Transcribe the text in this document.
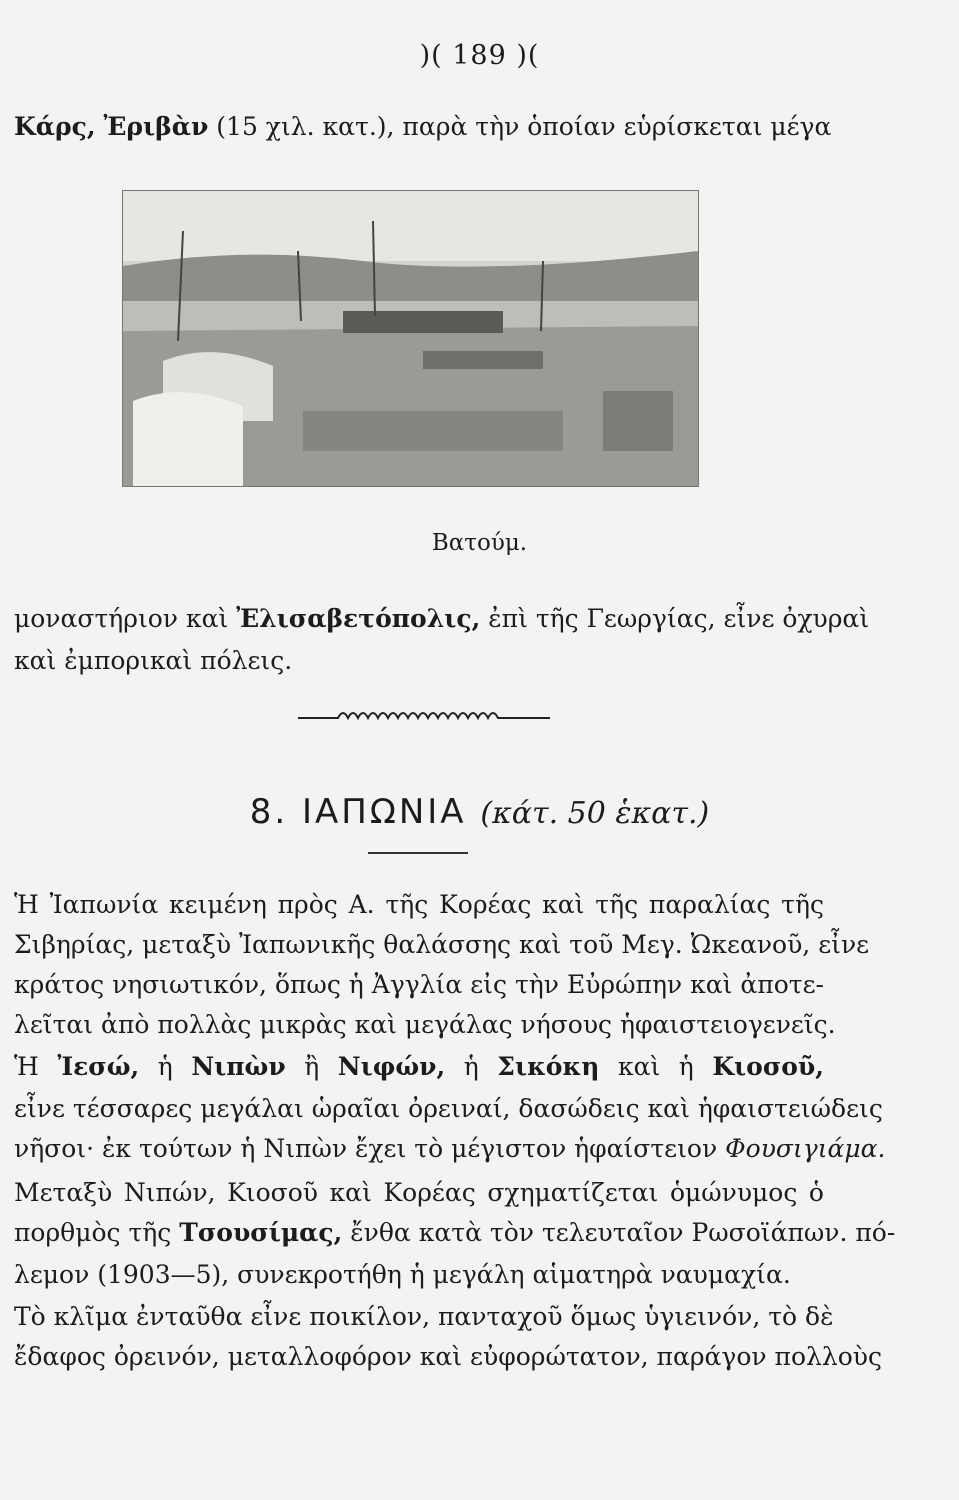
)( 189 )(
Κάρς, Ἐριβὰν (15 χιλ. κατ.), παρὰ τὴν ὁποίαν εὑρίσκεται μέγα
Βατούμ.
μοναστήριον καὶ Ἐλισαβετόπολις, ἐπὶ τῆς Γεωργίας, εἶνε ὀχυραὶ
καὶ ἐμπορικαὶ πόλεις.
8. ΙΑΠΩΝΙΑ (κάτ. 50 ἑκατ.)
Ἡ Ἰαπωνία κειμένη πρὸς Α. τῆς Κορέας καὶ τῆς παραλίας τῆς
Σιβηρίας, μεταξὺ Ἰαπωνικῆς θαλάσσης καὶ τοῦ Μεγ. Ὠκεανοῦ, εἶνε
κράτος νησιωτικόν, ὅπως ἡ Ἀγγλία εἰς τὴν Εὐρώπην καὶ ἀποτε-
λεῖται ἀπὸ πολλὰς μικρὰς καὶ μεγάλας νήσους ἡφαιστειογενεῖς.
Ἡ Ἰεσώ, ἡ Νιπὼν ἢ Νιφών, ἡ Σικόκη καὶ ἡ Κιοσοῦ,
εἶνε τέσσαρες μεγάλαι ὡραῖαι ὀρειναί, δασώδεις καὶ ἡφαιστειώδεις
νῆσοι· ἐκ τούτων ἡ Νιπὼν ἔχει τὸ μέγιστον ἡφαίστειον Φουσιγιάμα.
Μεταξὺ Νιπών, Κιοσοῦ καὶ Κορέας σχηματίζεται ὁμώνυμος ὁ
πορθμὸς τῆς Τσουσίμας, ἔνθα κατὰ τὸν τελευταῖον Ρωσοϊάπων. πό-
λεμον (1903—5), συνεκροτήθη ἡ μεγάλη αἱματηρὰ ναυμαχία.
Τὸ κλῖμα ἐνταῦθα εἶνε ποικίλον, πανταχοῦ ὅμως ὑγιεινόν, τὸ δὲ
ἔδαφος ὀρεινόν, μεταλλοφόρον καὶ εὐφορώτατον, παράγον πολλοὺς
